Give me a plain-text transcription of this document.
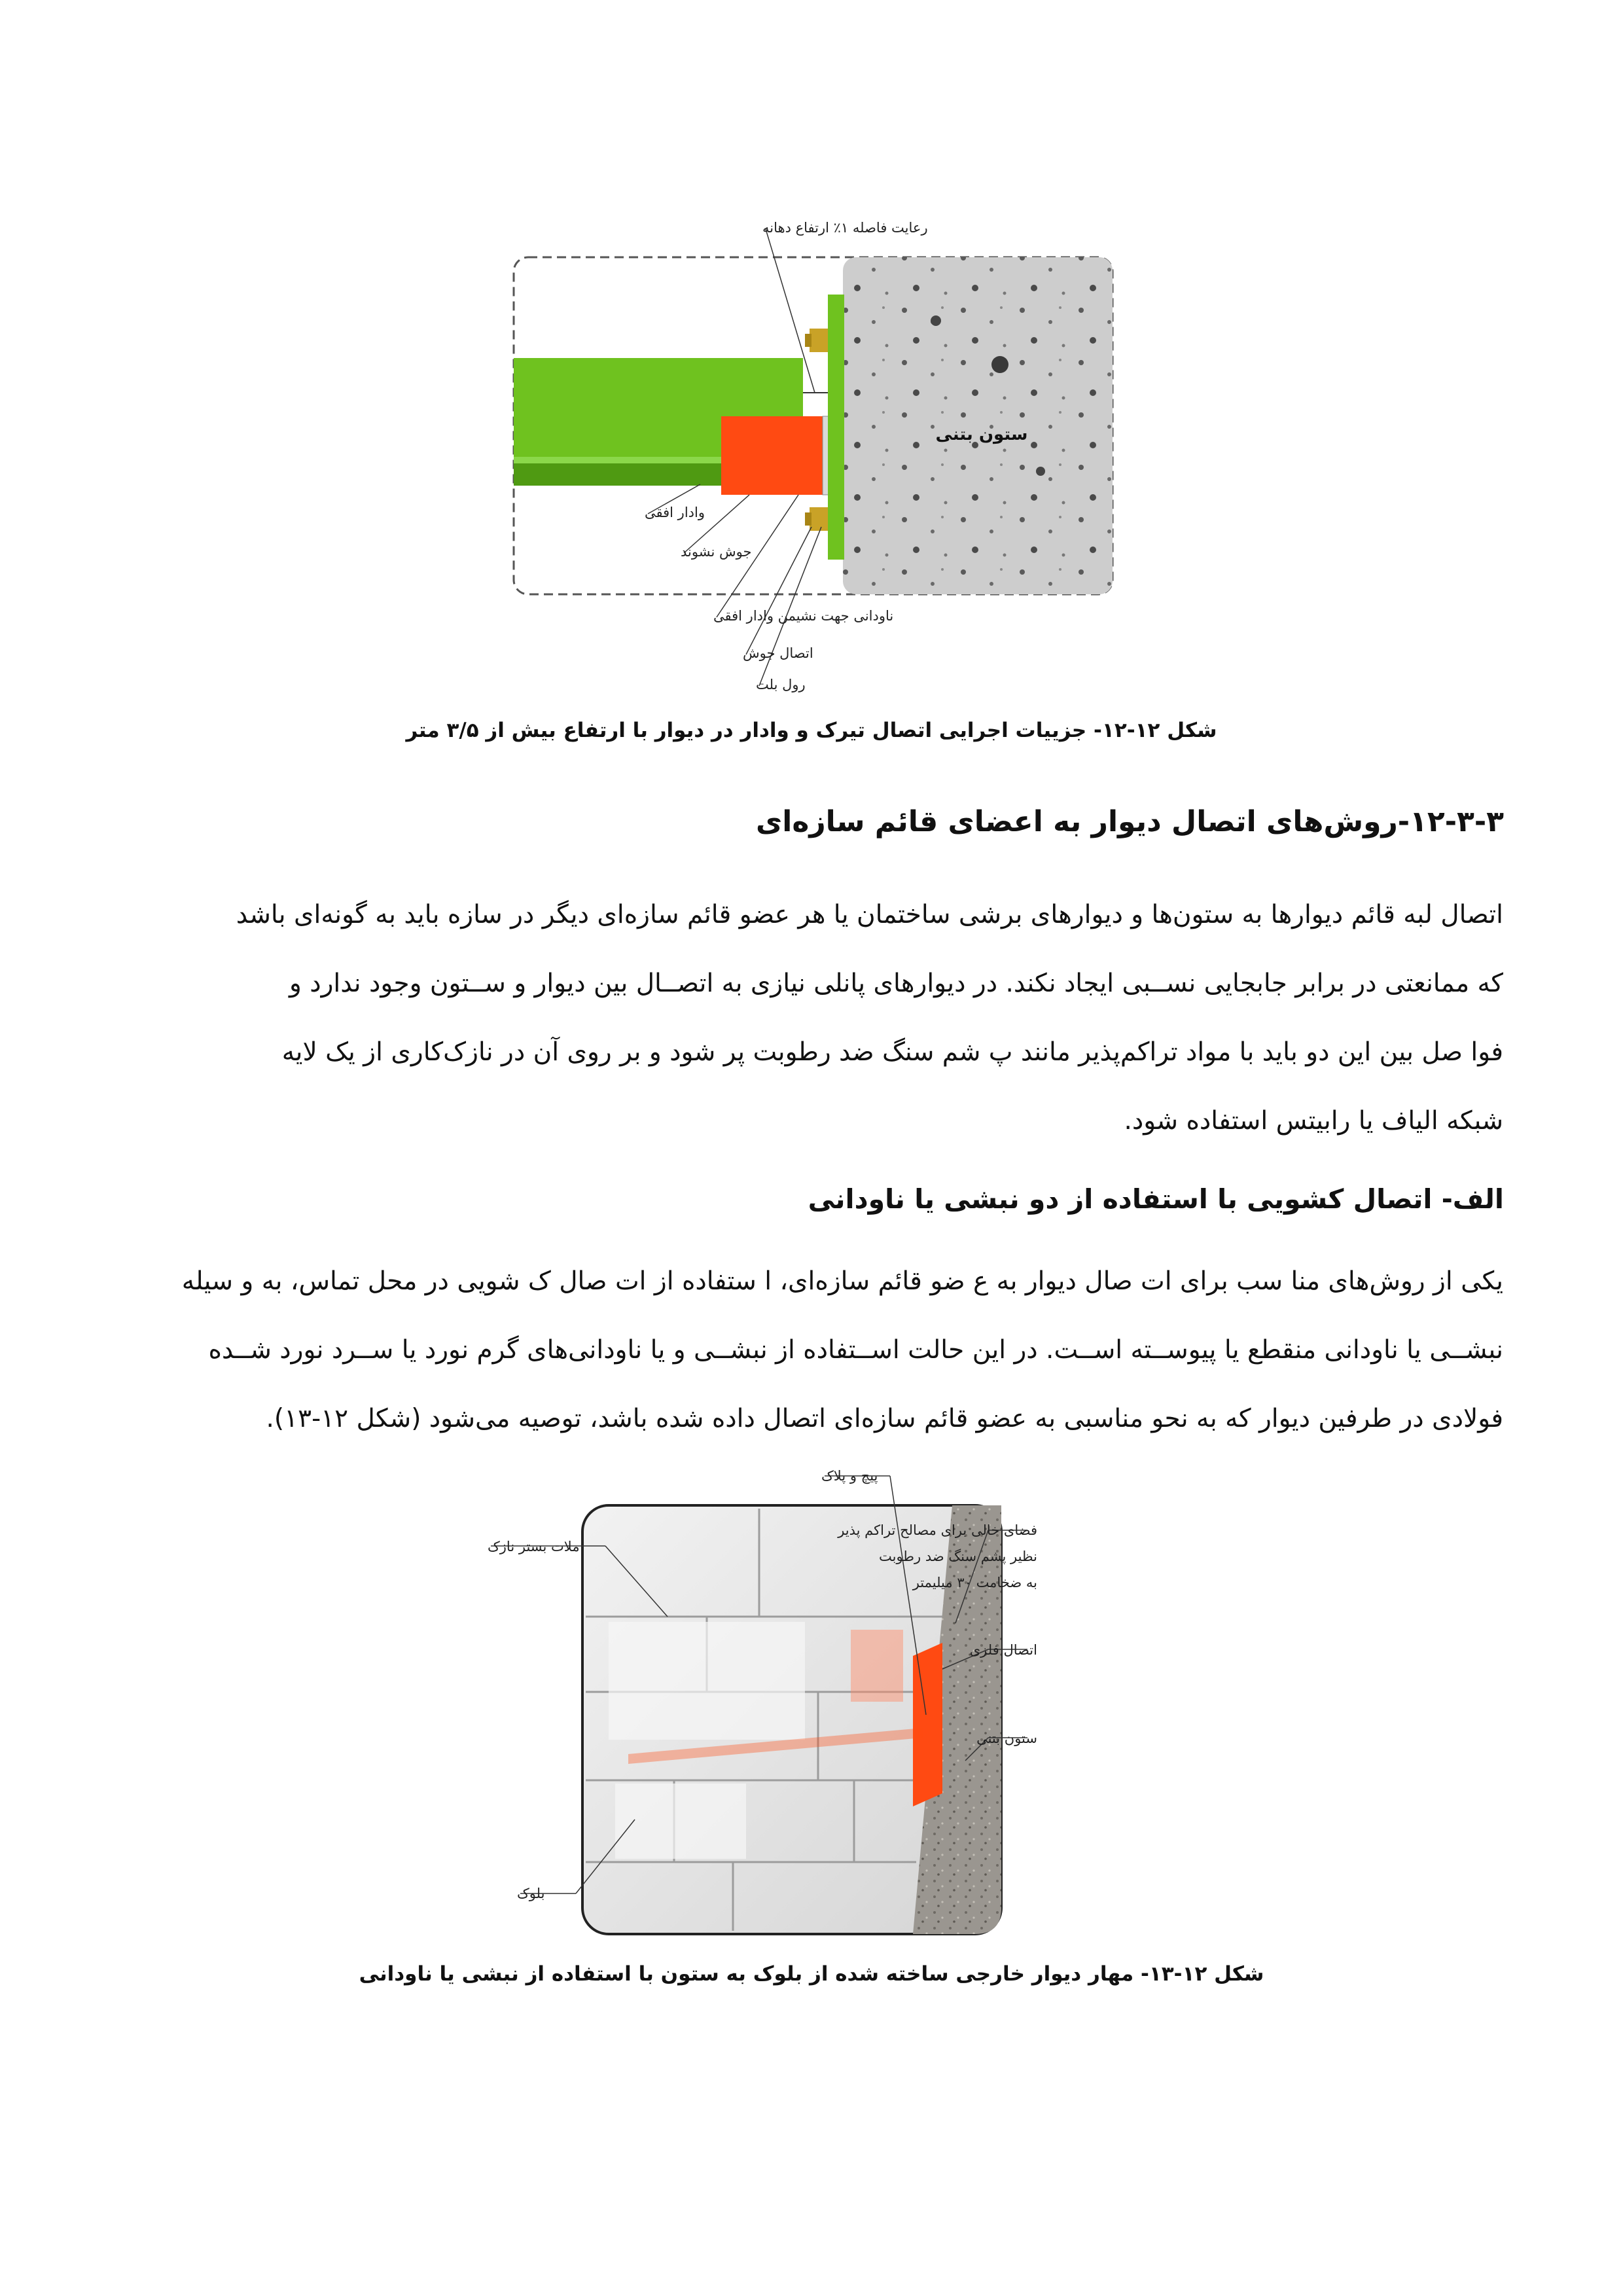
رعایت فاصله ۱٪ ارتفاع دهانه
ستون بتنی
وادار افقی
جوش نشوند
ناودانی جهت نشیمن وادار افقی
اتصال جوش
رول بلت
شکل ۱۲-۱۲- جزییات اجرایی اتصال تیرک و وادار در دیوار با ارتفاع بیش از ۳/۵ متر
۱۲-۳-۳-روش‌های اتصال دیوار به اعضای قائم سازه‌ای
اتصال لبه قائم دیوارها به ستون‌ها و دیوارهای برشی ساختمان یا هر عضو قائم سازه‌ای دیگر در سازه باید به گونه‌ای باشد
که ممانعتی در برابر جابجایی نســبی ایجاد نکند. در دیوارهای پانلی نیازی به اتصــال بین دیوار و ســتون وجود ندارد و
فوا صل بین این دو باید با مواد تراکم‌پذیر مانند پ شم سنگ ضد رطوبت پر شود و بر روی آن در نازک‌کاری از یک لایه
شبکه الیاف یا رابیتس استفاده شود.
الف- اتصال کشویی با استفاده از دو نبشی یا ناودانی
یکی از روش‌های منا سب برای ات صال دیوار به ع ضو قائم سازه‌ای، ا ستفاده از ات صال ک شویی در محل تماس، به و سیله
نبشــی یا ناودانی منقطع یا پیوســته اســت. در این حالت اســتفاده از نبشــی و یا ناودانی‌های گرم نورد یا ســرد نورد شــده
فولادی در طرفین دیوار که به نحو مناسبی به عضو قائم سازه‌ای اتصال داده شده باشد، توصیه می‌شود (شکل ۱۲-۱۳).
پیچ و پلاک
ملات بستر نازک
فضای خالی برای مصالح تراکم پذیر
نظیر پشم سنگ ضد رطوبت
به ضخامت ۳۰ میلیمتر
اتصال فلزی
ستون بتنی
بلوک
شکل ۱۲-۱۳- مهار دیوار خارجی ساخته شده از بلوک به ستون با استفاده از نبشی یا ناودانی
